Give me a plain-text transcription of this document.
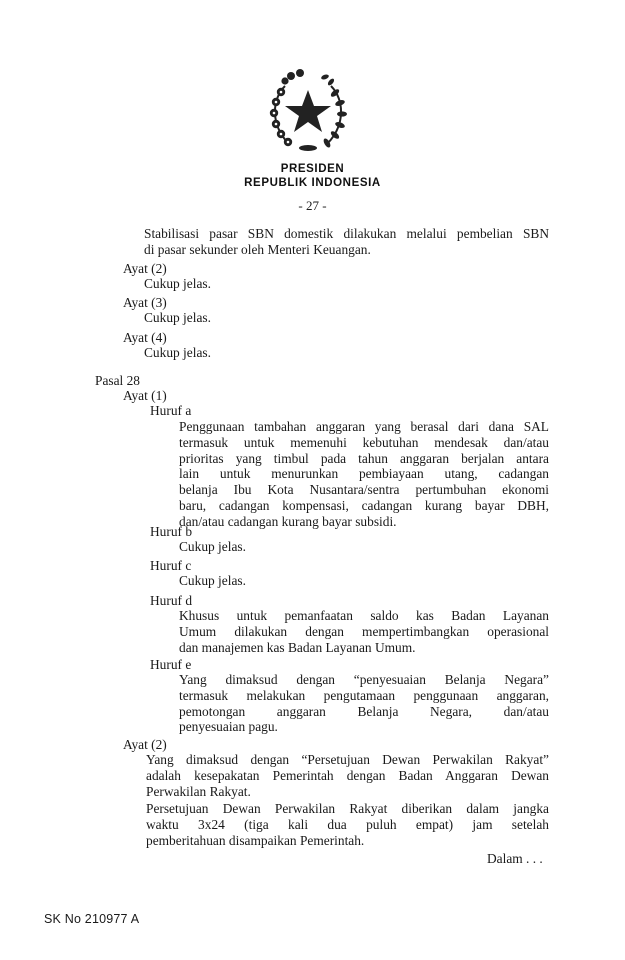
PRESIDEN
REPUBLIK INDONESIA
- 27 -
Stabilisasi pasar SBN domestik dilakukan melalui pembelian SBN
di pasar sekunder oleh Menteri Keuangan.
Ayat (2)
Cukup jelas.
Ayat (3)
Cukup jelas.
Ayat (4)
Cukup jelas.
Pasal 28
Ayat (1)
Huruf a
Penggunaan tambahan anggaran yang berasal dari dana SAL
termasuk untuk memenuhi kebutuhan mendesak dan/atau
prioritas yang timbul pada tahun anggaran berjalan antara
lain untuk menurunkan pembiayaan utang, cadangan
belanja Ibu Kota Nusantara/sentra pertumbuhan ekonomi
baru, cadangan kompensasi, cadangan kurang bayar DBH,
dan/atau cadangan kurang bayar subsidi.
Huruf b
Cukup jelas.
Huruf c
Cukup jelas.
Huruf d
Khusus untuk pemanfaatan saldo kas Badan Layanan
Umum dilakukan dengan mempertimbangkan operasional
dan manajemen kas Badan Layanan Umum.
Huruf e
Yang dimaksud dengan “penyesuaian Belanja Negara”
termasuk melakukan pengutamaan penggunaan anggaran,
pemotongan anggaran Belanja Negara, dan/atau
penyesuaian pagu.
Ayat (2)
Yang dimaksud dengan “Persetujuan Dewan Perwakilan Rakyat”
adalah kesepakatan Pemerintah dengan Badan Anggaran Dewan
Perwakilan Rakyat.
Persetujuan Dewan Perwakilan Rakyat diberikan dalam jangka
waktu 3x24 (tiga kali dua puluh empat) jam setelah
pemberitahuan disampaikan Pemerintah.
Dalam . . .
SK No 210977 A
